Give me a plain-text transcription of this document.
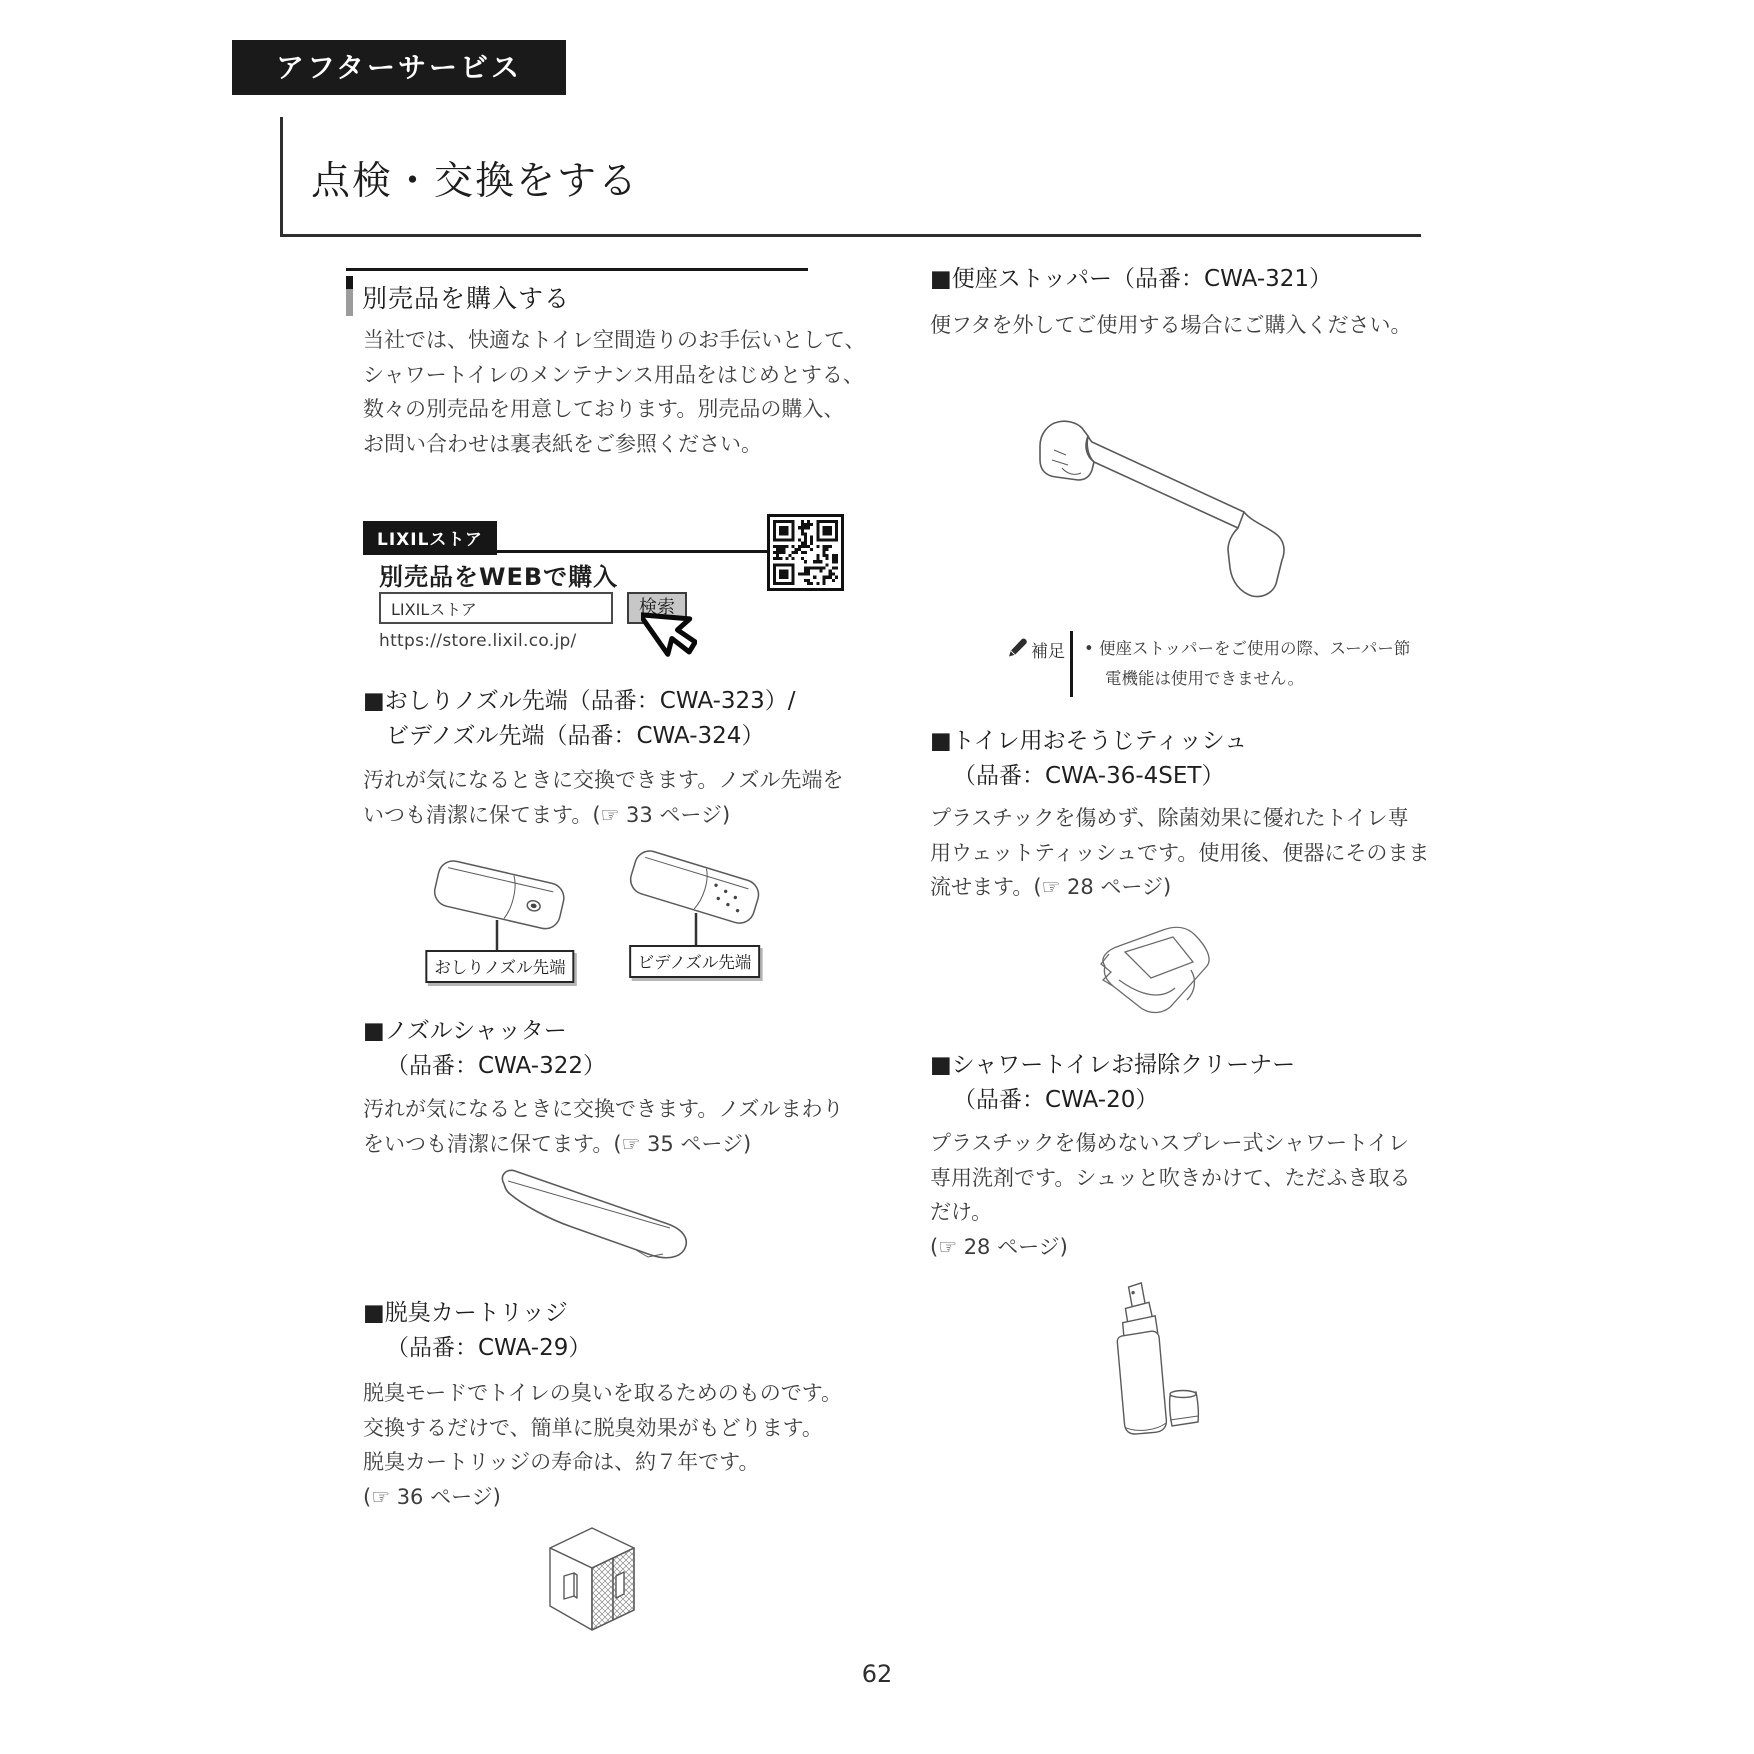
アフターサービス
点検・交換をする
別売品を購入する
当社では、快適なトイレ空間造りのお手伝いとして、
シャワートイレのメンテナンス用品をはじめとする、
数々の別売品を用意しております。別売品の購入、
お問い合わせは裏表紙をご参照ください。
LIXILストア
別売品をWEBで購入
LIXILストア
検索
https://store.lixil.co.jp/
■おしりノズル先端（品番：CWA-323）/
ビデノズル先端（品番：CWA-324）
汚れが気になるときに交換できます。ノズル先端を
いつも清潔に保てます。(☞ 33 ページ)
おしりノズル先端	ビデノズル先端
■ノズルシャッター
（品番：CWA-322）
汚れが気になるときに交換できます。ノズルまわり
をいつも清潔に保てます。(☞ 35 ページ)
■脱臭カートリッジ
（品番：CWA-29）
脱臭モードでトイレの臭いを取るためのものです。
交換するだけで、簡単に脱臭効果がもどります。
脱臭カートリッジの寿命は、約７年です。
(☞ 36 ページ)
■便座ストッパー（品番：CWA-321）
便フタを外してご使用する場合にご購入ください。
補足 • 便座ストッパーをご使用の際、スーパー節
電機能は使用できません。
■トイレ用おそうじティッシュ
（品番：CWA-36-4SET）
プラスチックを傷めず、除菌効果に優れたトイレ専
用ウェットティッシュです。使用後、便器にそのまま
流せます。(☞ 28 ページ)
■シャワートイレお掃除クリーナー
（品番：CWA-20）
プラスチックを傷めないスプレー式シャワートイレ
専用洗剤です。シュッと吹きかけて、ただふき取る
だけ。
(☞ 28 ページ)
62
